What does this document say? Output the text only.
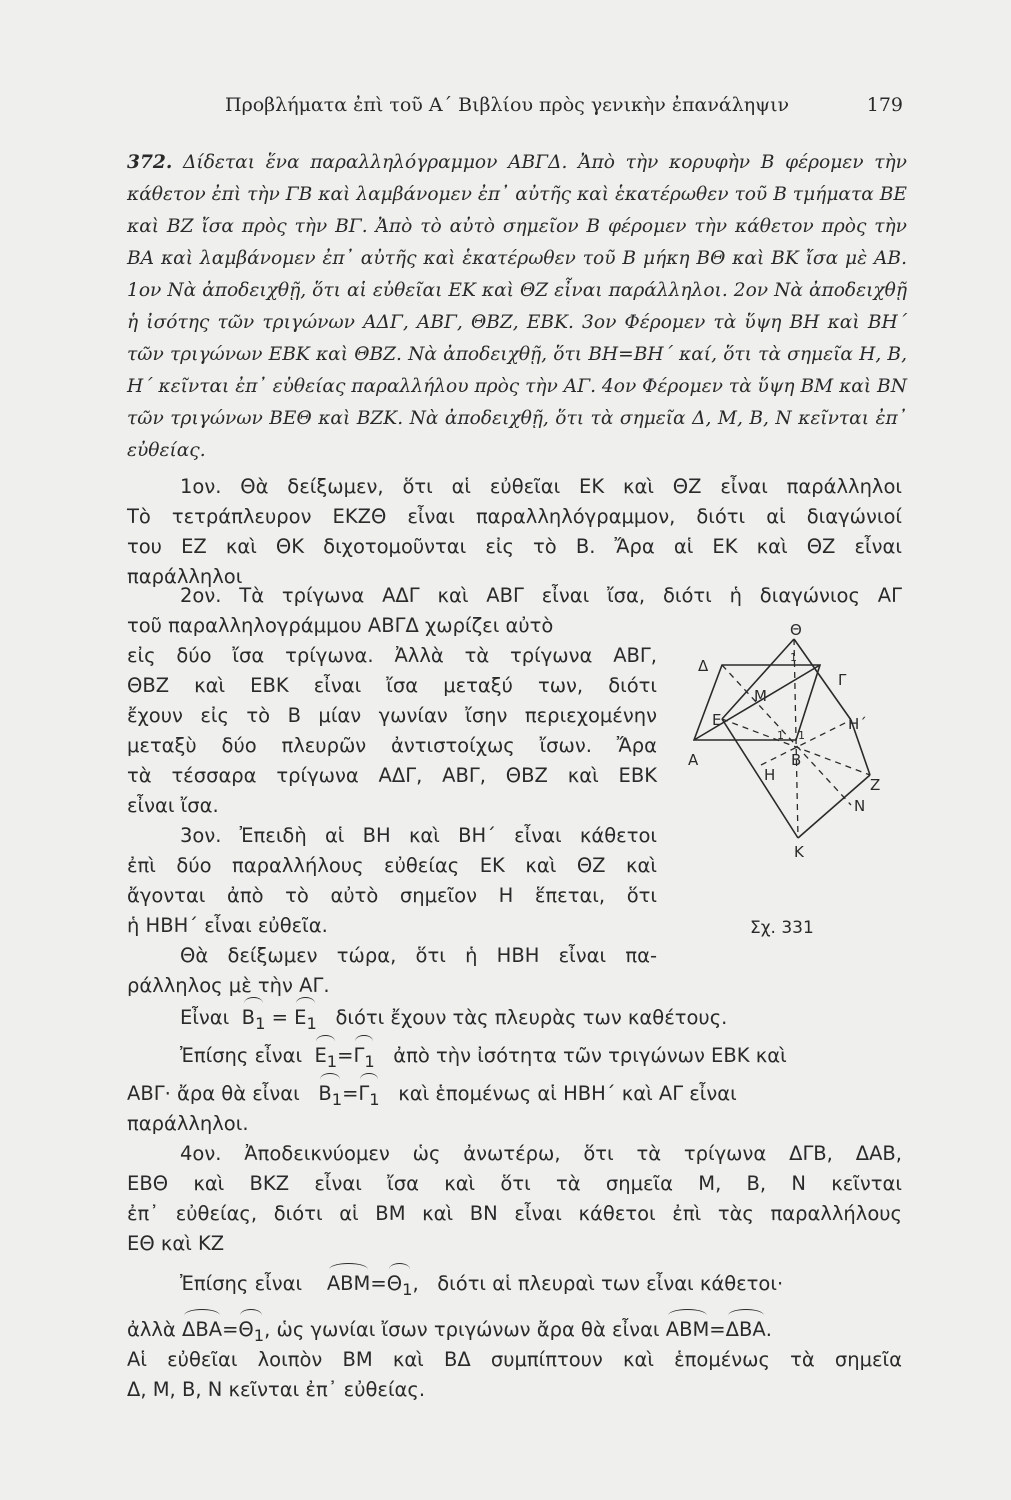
Προβλήματα ἐπὶ τοῦ Α΄ Βιβλίου πρὸς γενικὴν ἐπανάληψιν	179
372. Δίδεται ἕνα παραλληλόγραμμον ΑΒΓΔ. Ἀπὸ τὴν κορυφὴν Β φέρομεν τὴν κάθετον ἐπὶ τὴν ΓΒ καὶ λαμβάνομεν ἐπ᾽ αὐτῆς καὶ ἑκατέρωθεν τοῦ Β τμήματα ΒΕ καὶ ΒΖ ἴσα πρὸς τὴν ΒΓ. Ἀπὸ τὸ αὐτὸ σημεῖον Β φέρομεν τὴν κάθετον πρὸς τὴν ΒΑ καὶ λαμβάνομεν ἐπ᾽ αὐτῆς καὶ ἑκατέρωθεν τοῦ Β μήκη ΒΘ καὶ ΒΚ ἴσα μὲ ΑΒ. 1ον Νὰ ἀποδειχθῇ, ὅτι αἱ εὐθεῖαι ΕΚ καὶ ΘΖ εἶναι παράλληλοι. 2ον Νὰ ἀποδειχθῇ ἡ ἰσότης τῶν τριγώνων ΑΔΓ, ΑΒΓ, ΘΒΖ, ΕΒΚ. 3ον Φέρομεν τὰ ὕψη ΒΗ καὶ ΒΗ΄ τῶν τριγώνων ΕΒΚ καὶ ΘΒΖ. Νὰ ἀποδειχθῇ, ὅτι ΒΗ=ΒΗ΄ καί, ὅτι τὰ σημεῖα Η, Β, Η΄ κεῖνται ἐπ᾽ εὐθείας παραλλήλου πρὸς τὴν ΑΓ. 4ον Φέρομεν τὰ ὕψη ΒΜ καὶ ΒΝ τῶν τριγώνων ΒΕΘ καὶ ΒΖΚ. Νὰ ἀποδειχθῇ, ὅτι τὰ σημεῖα Δ, Μ, Β, Ν κεῖνται ἐπ᾽ εὐθείας.
1ον. Θὰ δείξωμεν, ὅτι αἱ εὐθεῖαι ΕΚ καὶ ΘΖ εἶναι παράλληλοι
Τὸ τετράπλευρον ΕΚΖΘ εἶναι παραλληλόγραμμον, διότι αἱ διαγώνιοί
του ΕΖ καὶ ΘΚ διχοτομοῦνται εἰς τὸ Β. Ἄρα αἱ ΕΚ καὶ ΘΖ εἶναι
παράλληλοι
2ον. Τὰ τρίγωνα ΑΔΓ καὶ ΑΒΓ εἶναι ἴσα, διότι ἡ διαγώνιος ΑΓ
τοῦ παραλληλογράμμου ΑΒΓΔ χωρίζει αὐτὸ
εἰς δύο ἴσα τρίγωνα. Ἀλλὰ τὰ τρίγωνα ΑΒΓ,
ΘΒΖ καὶ ΕΒΚ εἶναι ἴσα μεταξύ των, διότι
ἔχουν εἰς τὸ Β μίαν γωνίαν ἴσην περιεχομένην
μεταξὺ δύο πλευρῶν ἀντιστοίχως ἴσων. Ἄρα
τὰ τέσσαρα τρίγωνα ΑΔΓ, ΑΒΓ, ΘΒΖ καὶ ΕΒΚ
εἶναι ἴσα.
3ον. Ἐπειδὴ αἱ ΒΗ καὶ ΒΗ΄ εἶναι κάθετοι
ἐπὶ δύο παραλλήλους εὐθείας ΕΚ καὶ ΘΖ καὶ
ἄγονται ἀπὸ τὸ αὐτὸ σημεῖον Η ἕπεται, ὅτι
ἡ ΗΒΗ΄ εἶναι εὐθεῖα.
Θὰ δείξωμεν τώρα, ὅτι ἡ ΗΒΗ εἶναι πα-
ράλληλος μὲ τὴν ΑΓ.
Εἶναι $B_1 = E_1$ διότι ἔχουν τὰς πλευρὰς των καθέτους.
Ἐπίσης εἶναι $E_1=\Gamma_1$ ἀπὸ τὴν ἰσότητα τῶν τριγώνων ΕΒΚ καὶ
ΑΒΓ· ἄρα θὰ εἶναι $B_1=\Gamma_1$ καὶ ἑπομένως αἱ ΗΒΗ΄ καὶ ΑΓ εἶναι
παράλληλοι.
4ον. Ἀποδεικνύομεν ὡς ἀνωτέρω, ὅτι τὰ τρίγωνα ΔΓΒ, ΔΑΒ,
ΕΒΘ καὶ ΒΚΖ εἶναι ἴσα καὶ ὅτι τὰ σημεῖα Μ, Β, Ν κεῖνται
ἐπ᾽ εὐθείας, διότι αἱ ΒΜ καὶ ΒΝ εἶναι κάθετοι ἐπὶ τὰς παραλλήλους
ΕΘ καὶ ΚΖ
Ἐπίσης εἶναι $ABM=\Theta_1$,   διότι αἱ πλευραὶ των εἶναι κάθετοι·
ἀλλὰ $\Delta BA=\Theta_1$, ὡς γωνίαι ἴσων τριγώνων ἄρα θὰ εἶναι ΑΒΜ=ΔΒΑ.
Αἱ εὐθεῖαι λοιπὸν ΒΜ καὶ ΒΔ συμπίπτουν καὶ ἑπομένως τὰ σημεῖα
Δ, Μ, Β, Ν κεῖνται ἐπ᾽ εὐθείας.
Θ
Γ
Δ
Μ
Ε	Η΄
Α	Β
Η
Ζ
Ν
Κ
1 1
1
Σχ. 331
